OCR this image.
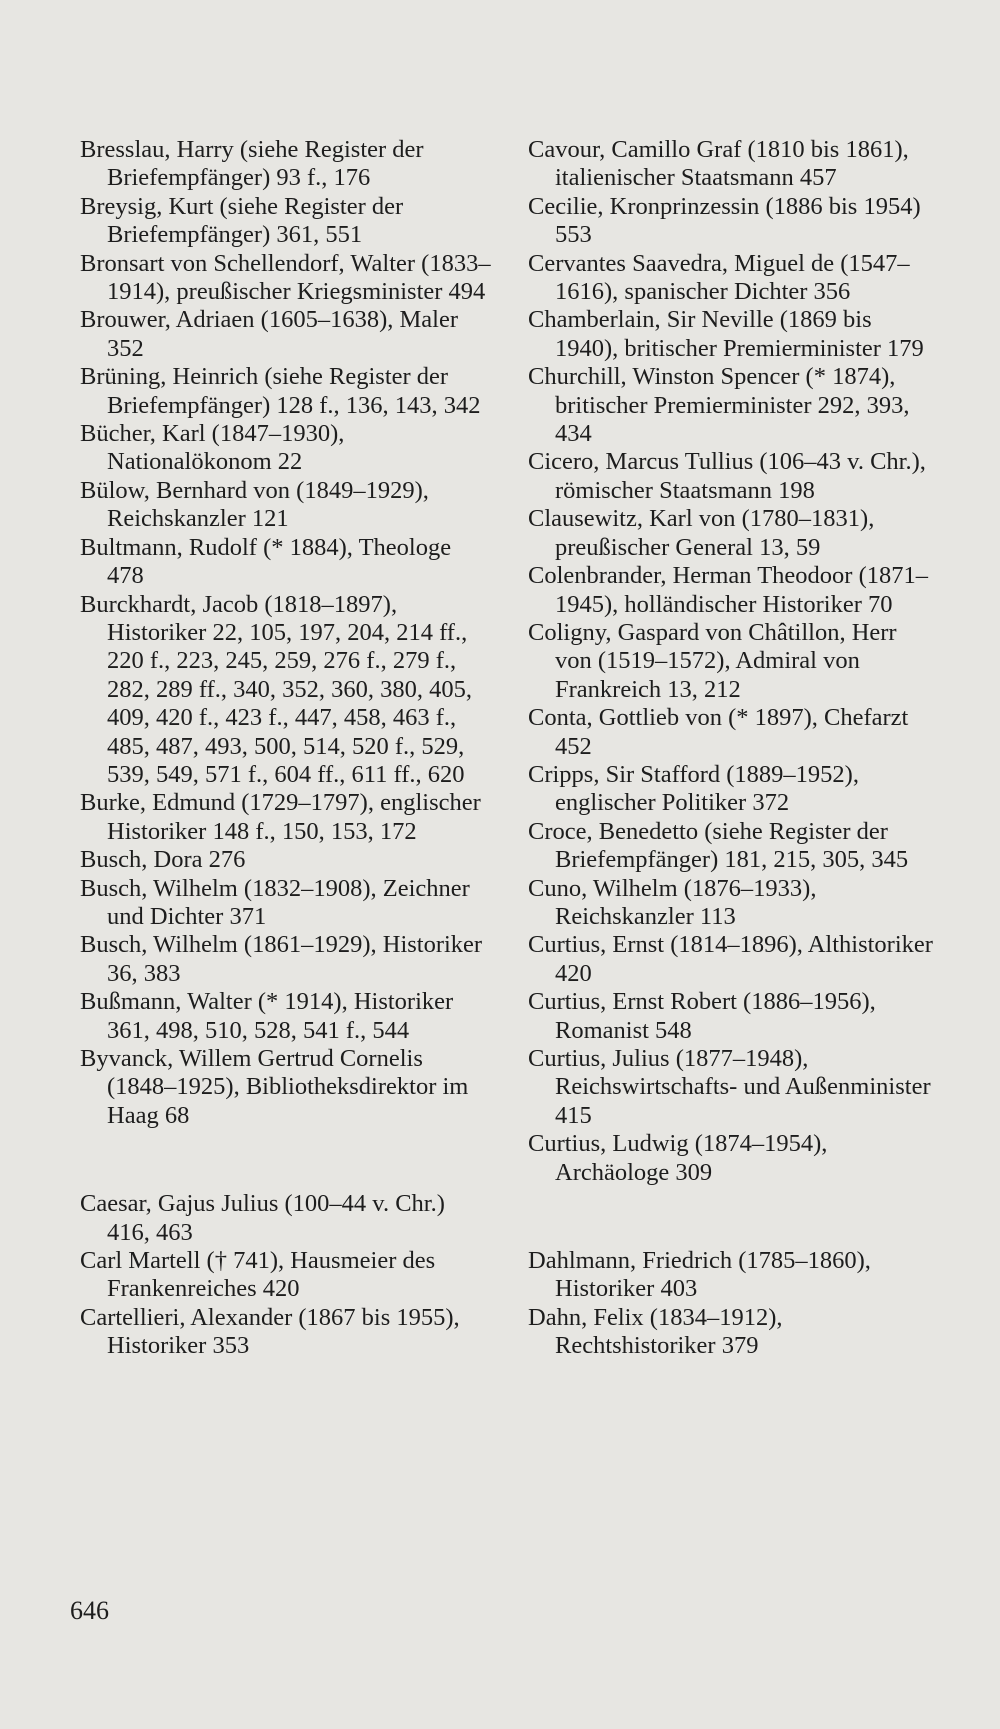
Bresslau, Harry (siehe Register der Briefempfänger) 93 f., 176

Breysig, Kurt (siehe Register der Briefempfänger) 361, 551

Bronsart von Schellendorf, Walter (1833–1914), preußischer Kriegsminister 494

Brouwer, Adriaen (1605–1638), Maler 352

Brüning, Heinrich (siehe Register der Briefempfänger) 128 f., 136, 143, 342

Bücher, Karl (1847–1930), Nationalökonom 22

Bülow, Bernhard von (1849–1929), Reichskanzler 121

Bultmann, Rudolf (* 1884), Theologe 478

Burckhardt, Jacob (1818–1897), Historiker 22, 105, 197, 204, 214 ff., 220 f., 223, 245, 259, 276 f., 279 f., 282, 289 ff., 340, 352, 360, 380, 405, 409, 420 f., 423 f., 447, 458, 463 f., 485, 487, 493, 500, 514, 520 f., 529, 539, 549, 571 f., 604 ff., 611 ff., 620

Burke, Edmund (1729–1797), englischer Historiker 148 f., 150, 153, 172

Busch, Dora 276

Busch, Wilhelm (1832–1908), Zeichner und Dichter 371

Busch, Wilhelm (1861–1929), Historiker 36, 383

Bußmann, Walter (* 1914), Historiker 361, 498, 510, 528, 541 f., 544

Byvanck, Willem Gertrud Cornelis (1848–1925), Bibliotheksdirektor im Haag 68

Caesar, Gajus Julius (100–44 v. Chr.) 416, 463

Carl Martell († 741), Hausmeier des Frankenreiches 420

Cartellieri, Alexander (1867 bis 1955), Historiker 353

Cavour, Camillo Graf (1810 bis 1861), italienischer Staatsmann 457

Cecilie, Kronprinzessin (1886 bis 1954) 553

Cervantes Saavedra, Miguel de (1547–1616), spanischer Dichter 356

Chamberlain, Sir Neville (1869 bis 1940), britischer Premierminister 179

Churchill, Winston Spencer (* 1874), britischer Premierminister 292, 393, 434

Cicero, Marcus Tullius (106–43 v. Chr.), römischer Staatsmann 198

Clausewitz, Karl von (1780–1831), preußischer General 13, 59

Colenbrander, Herman Theodoor (1871–1945), holländischer Historiker 70

Coligny, Gaspard von Châtillon, Herr von (1519–1572), Admiral von Frankreich 13, 212

Conta, Gottlieb von (* 1897), Chefarzt 452

Cripps, Sir Stafford (1889–1952), englischer Politiker 372

Croce, Benedetto (siehe Register der Briefempfänger) 181, 215, 305, 345

Cuno, Wilhelm (1876–1933), Reichskanzler 113

Curtius, Ernst (1814–1896), Althistoriker 420

Curtius, Ernst Robert (1886–1956), Romanist 548

Curtius, Julius (1877–1948), Reichswirtschafts- und Außenminister 415

Curtius, Ludwig (1874–1954), Archäologe 309

Dahlmann, Friedrich (1785–1860), Historiker 403

Dahn, Felix (1834–1912), Rechtshistoriker 379

646
